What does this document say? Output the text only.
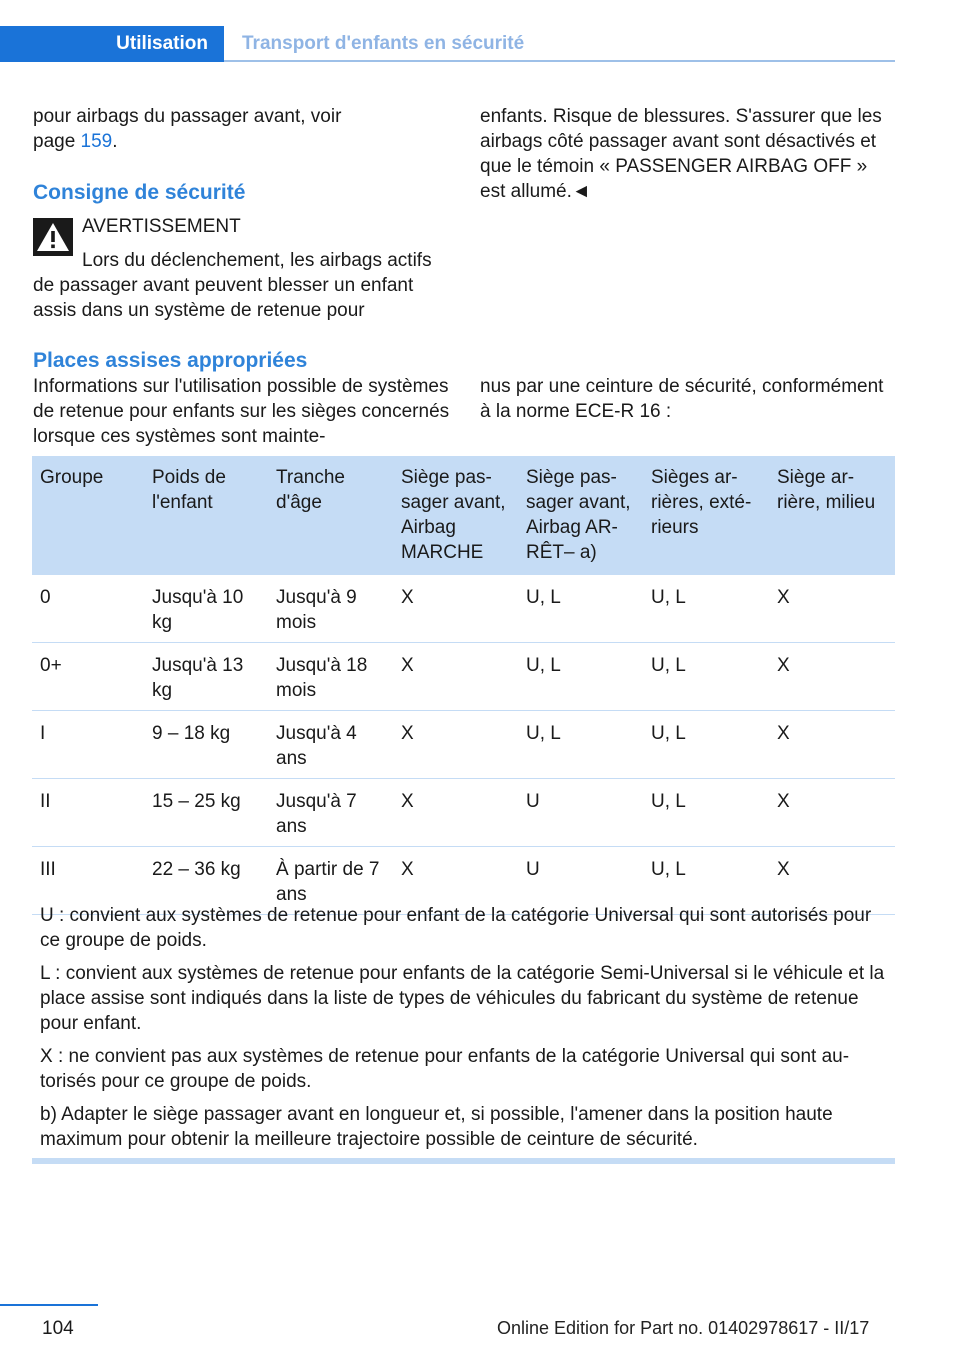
Utilisation Transport d'enfants en sécurité

pour airbags du passager avant, voir

page 159.

Consigne de sécurité
AVERTISSEMENT
Lors du déclenchement, les airbags actifs de passager avant peuvent blesser un enfant assis dans un système de retenue pour
enfants. Risque de blessures. S'assurer que les airbags côté passager avant sont désactivés et que le témoin « PASSENGER AIRBAG OFF » est allumé.◄
Places assises appropriées
Informations sur l'utilisation possible de systèmes de retenue pour enfants sur les sièges concernés lorsque ces systèmes sont mainte-
nus par une ceinture de sécurité, conformément à la norme ECE-R 16 :
Groupe	Poids de l'enfant	Tranche d'âge	Siège passager avant, Airbag MARCHE	Siège passager avant, Airbag ARRÊT– a)	Sièges arrières, extérieurs	Siège arrière, milieu
0	Jusqu'à 10 kg	Jusqu'à 9 mois	X	U, L	U, L	X
0+	Jusqu'à 13 kg	Jusqu'à 18 mois	X	U, L	U, L	X
I	9 – 18 kg	Jusqu'à 4 ans	X	U, L	U, L	X
II	15 – 25 kg	Jusqu'à 7 ans	X	U	U, L	X
III	22 – 36 kg	À partir de 7 ans	X	U	U, L	X

U : convient aux systèmes de retenue pour enfant de la catégorie Universal qui sont autorisés pour ce groupe de poids.

L : convient aux systèmes de retenue pour enfants de la catégorie Semi-Universal si le véhicule et la place assise sont indiqués dans la liste de types de véhicules du fabricant du système de retenue pour enfant.

X : ne convient pas aux systèmes de retenue pour enfants de la catégorie Universal qui sont autorisés pour ce groupe de poids.

b) Adapter le siège passager avant en longueur et, si possible, l'amener dans la position haute maximum pour obtenir la meilleure trajectoire possible de ceinture de sécurité.

104	Online Edition for Part no. 01402978617 - II/17
